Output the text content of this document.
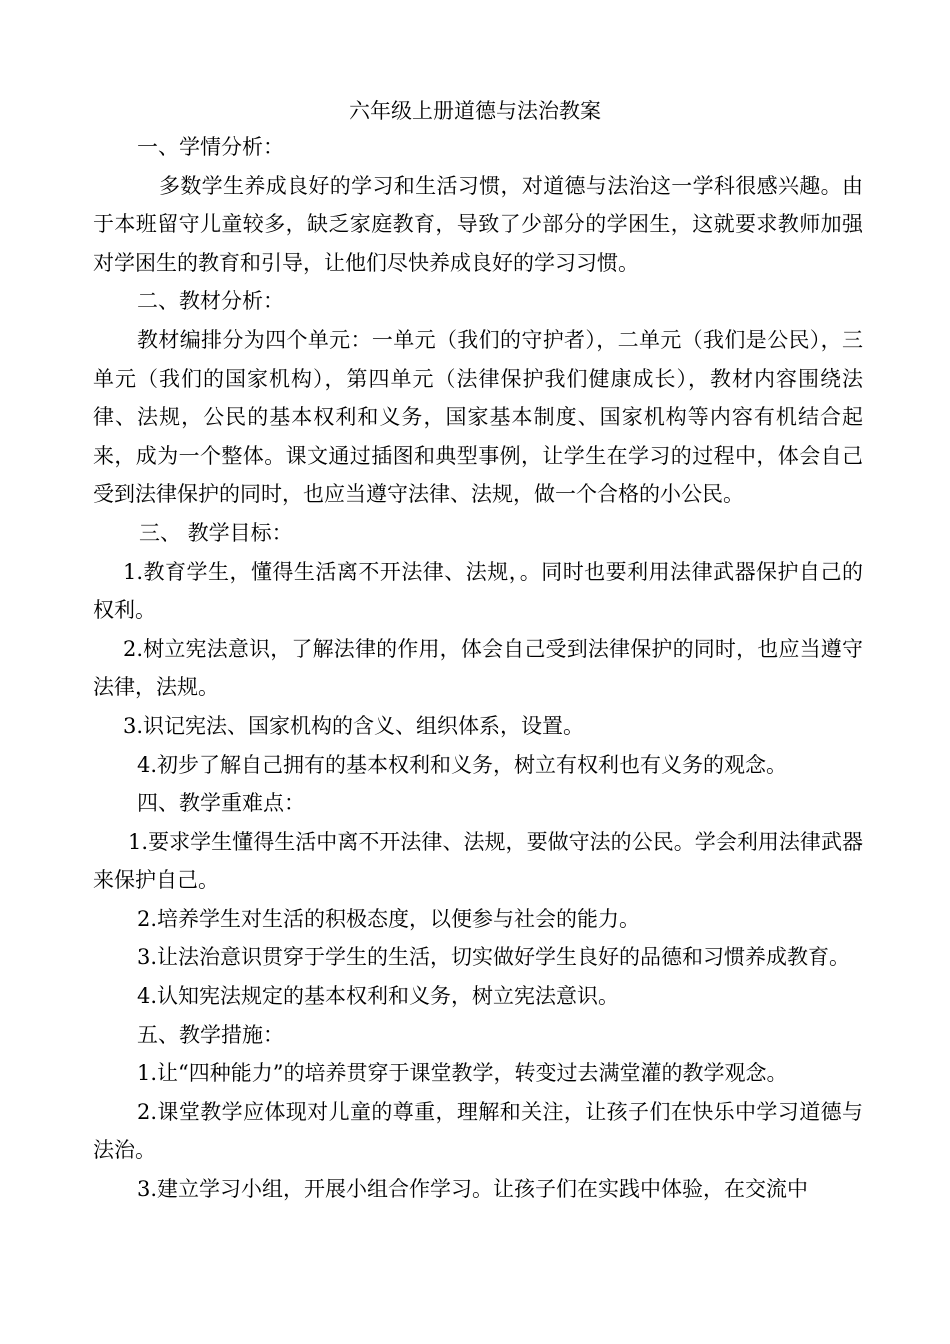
六年级上册道德与法治教案

一、学情分析：

多数学生养成良好的学习和生活习惯，对道德与法治这一学科很感兴趣。由于本班留守儿童较多，缺乏家庭教育，导致了少部分的学困生，这就要求教师加强对学困生的教育和引导，让他们尽快养成良好的学习习惯。

二、教材分析：

教材编排分为四个单元：一单元（我们的守护者），二单元（我们是公民），三单元（我们的国家机构），第四单元（法律保护我们健康成长），教材内容围绕法律、法规，公民的基本权利和义务，国家基本制度、国家机构等内容有机结合起来，成为一个整体。课文通过插图和典型事例，让学生在学习的过程中，体会自己受到法律保护的同时，也应当遵守法律、法规，做一个合格的小公民。

三、 教学目标：

1.教育学生，懂得生活离不开法律、法规，。同时也要利用法律武器保护自己的权利。

2.树立宪法意识，了解法律的作用，体会自己受到法律保护的同时，也应当遵守法律，法规。

3.识记宪法、国家机构的含义、组织体系，设置。

4.初步了解自己拥有的基本权利和义务，树立有权利也有义务的观念。

四、教学重难点：

1.要求学生懂得生活中离不开法律、法规，要做守法的公民。学会利用法律武器来保护自己。

2.培养学生对生活的积极态度，以便参与社会的能力。

3.让法治意识贯穿于学生的生活，切实做好学生良好的品德和习惯养成教育。

4.认知宪法规定的基本权利和义务，树立宪法意识。

五、教学措施：

1.让“四种能力”的培养贯穿于课堂教学，转变过去满堂灌的教学观念。

2.课堂教学应体现对儿童的尊重，理解和关注，让孩子们在快乐中学习道德与法治。

3.建立学习小组，开展小组合作学习。让孩子们在实践中体验，在交流中
